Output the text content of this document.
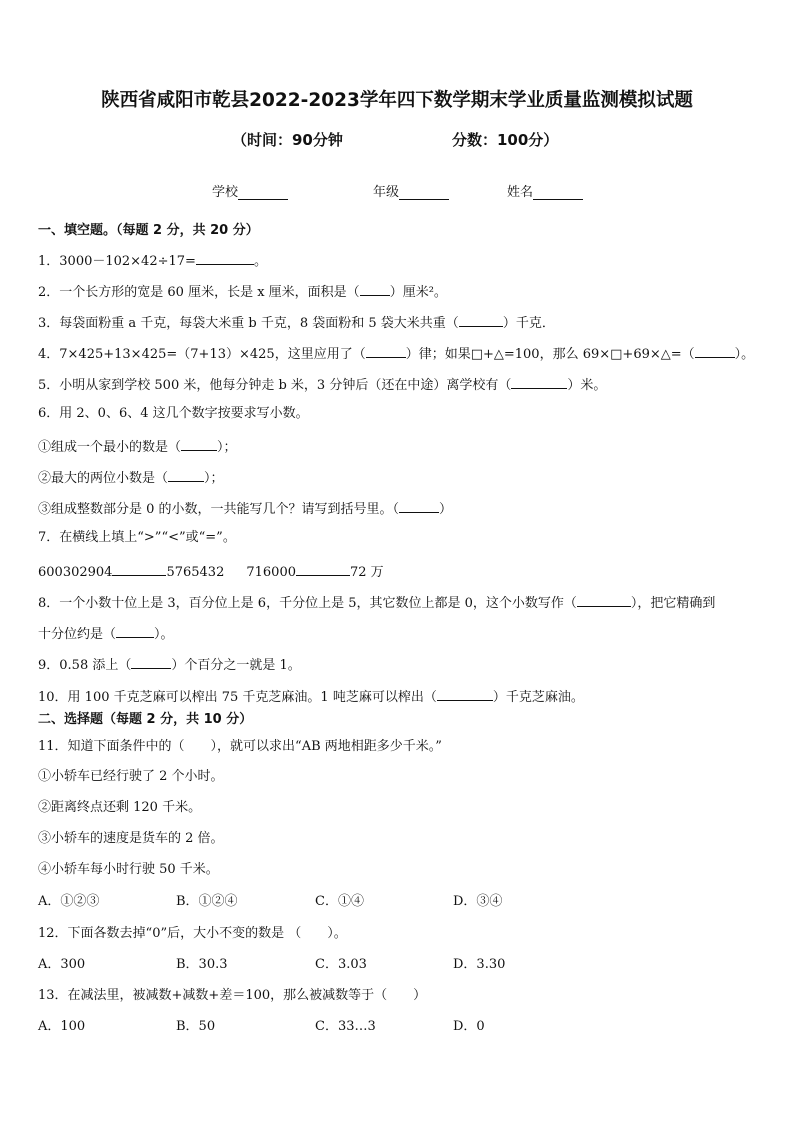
陕西省咸阳市乾县2022-2023学年四下数学期末学业质量监测模拟试题
（时间：90分钟	分数：100分）
学校	年级	姓名
一、填空题。（每题 2 分，共 20 分）
1．3000－102×42÷17=	。
2．一个长方形的宽是 60 厘米，长是 x 厘米，面积是（ ）厘米²。
3．每袋面粉重 a 千克，每袋大米重 b 千克，8 袋面粉和 5 袋大米共重（	）千克．
4．7×425+13×425=（7+13）×425，这里应用了（	）律；如果□+△=100，那么 69×□+69×△=（	）。
5．小明从家到学校 500 米，他每分钟走 b 米，3 分钟后（还在中途）离学校有（	）米。
6．用 2、0、6、4 这几个数字按要求写小数。
①组成一个最小的数是（	）；
②最大的两位小数是（	）；
③组成整数部分是 0 的小数，一共能写几个？请写到括号里。（	）
7．在横线上填上“>”“<”或“=”。
600302904	5765432 716000	72 万
8．一个小数十位上是 3，百分位上是 6，千分位上是 5，其它数位上都是 0，这个小数写作（	），把它精确到
十分位约是（	）。
9．0.58 添上（	）个百分之一就是 1。
10．用 100 千克芝麻可以榨出 75 千克芝麻油。1 吨芝麻可以榨出（	）千克芝麻油。
二、选择题（每题 2 分，共 10 分）
11．知道下面条件中的（　　），就可以求出“AB 两地相距多少千米。”
①小轿车已经行驶了 2 个小时。
②距离终点还剩 120 千米。
③小轿车的速度是货车的 2 倍。
④小轿车每小时行驶 50 千米。
A．①②③	B．①②④	C．①④	D．③④
12．下面各数去掉“0”后，大小不变的数是 （　　）。
A．300	B．30.3	C．3.03	D．3.30
13．在减法里，被减数+减数+差＝100，那么被减数等于（　　）
A．100	B．50	C．33…3	D．0
